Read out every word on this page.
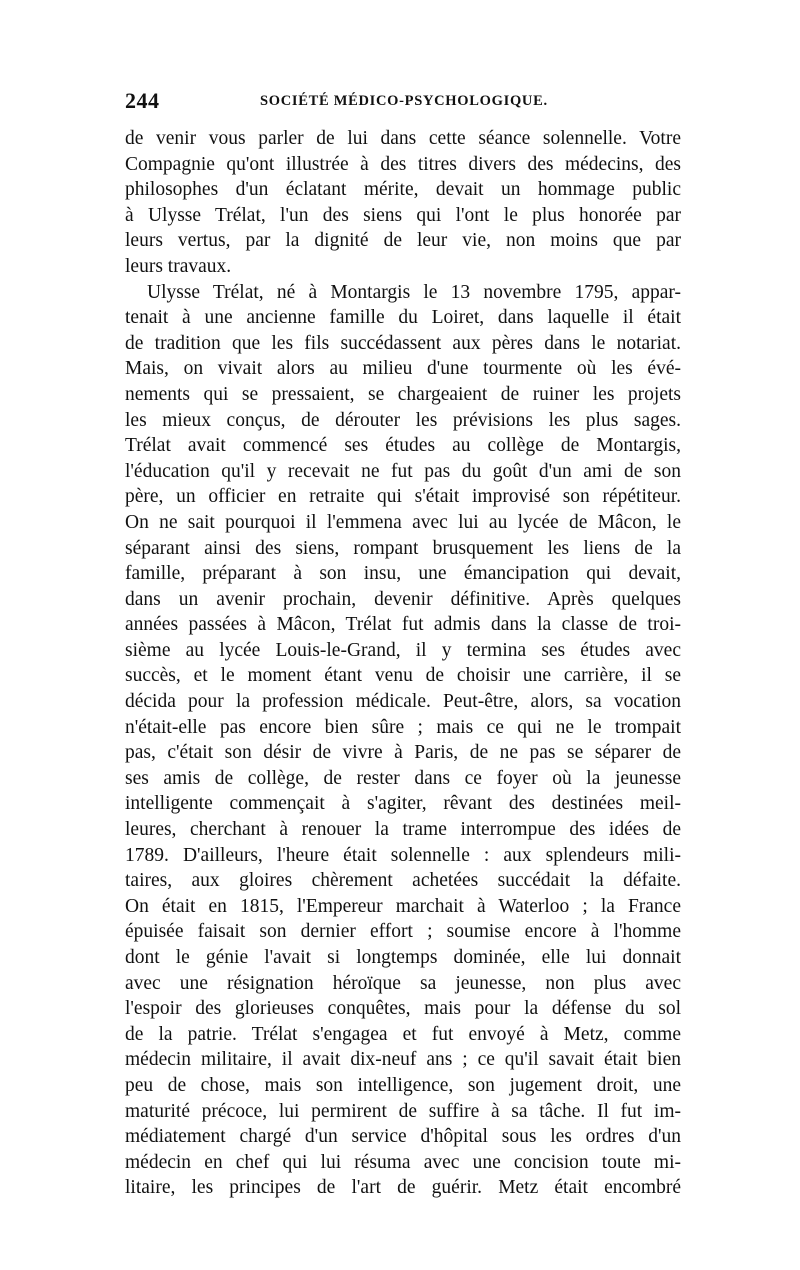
244	SOCIÉTÉ MÉDICO-PSYCHOLOGIQUE.
de venir vous parler de lui dans cette séance solennelle. Votre
Compagnie qu'ont illustrée à des titres divers des médecins, des
philosophes d'un éclatant mérite, devait un hommage public
à Ulysse Trélat, l'un des siens qui l'ont le plus honorée par
leurs vertus, par la dignité de leur vie, non moins que par
leurs travaux.
Ulysse Trélat, né à Montargis le 13 novembre 1795, appar-
tenait à une ancienne famille du Loiret, dans laquelle il était
de tradition que les fils succédassent aux pères dans le notariat.
Mais, on vivait alors au milieu d'une tourmente où les évé-
nements qui se pressaient, se chargeaient de ruiner les projets
les mieux conçus, de dérouter les prévisions les plus sages.
Trélat avait commencé ses études au collège de Montargis,
l'éducation qu'il y recevait ne fut pas du goût d'un ami de son
père, un officier en retraite qui s'était improvisé son répétiteur.
On ne sait pourquoi il l'emmena avec lui au lycée de Mâcon, le
séparant ainsi des siens, rompant brusquement les liens de la
famille, préparant à son insu, une émancipation qui devait,
dans un avenir prochain, devenir définitive. Après quelques
années passées à Mâcon, Trélat fut admis dans la classe de troi-
sième au lycée Louis-le-Grand, il y termina ses études avec
succès, et le moment étant venu de choisir une carrière, il se
décida pour la profession médicale. Peut-être, alors, sa vocation
n'était-elle pas encore bien sûre ; mais ce qui ne le trompait
pas, c'était son désir de vivre à Paris, de ne pas se séparer de
ses amis de collège, de rester dans ce foyer où la jeunesse
intelligente commençait à s'agiter, rêvant des destinées meil-
leures, cherchant à renouer la trame interrompue des idées de
1789. D'ailleurs, l'heure était solennelle : aux splendeurs mili-
taires, aux gloires chèrement achetées succédait la défaite.
On était en 1815, l'Empereur marchait à Waterloo ; la France
épuisée faisait son dernier effort ; soumise encore à l'homme
dont le génie l'avait si longtemps dominée, elle lui donnait
avec une résignation héroïque sa jeunesse, non plus avec
l'espoir des glorieuses conquêtes, mais pour la défense du sol
de la patrie. Trélat s'engagea et fut envoyé à Metz, comme
médecin militaire, il avait dix-neuf ans ; ce qu'il savait était bien
peu de chose, mais son intelligence, son jugement droit, une
maturité précoce, lui permirent de suffire à sa tâche. Il fut im-
médiatement chargé d'un service d'hôpital sous les ordres d'un
médecin en chef qui lui résuma avec une concision toute mi-
litaire, les principes de l'art de guérir. Metz était encombré
